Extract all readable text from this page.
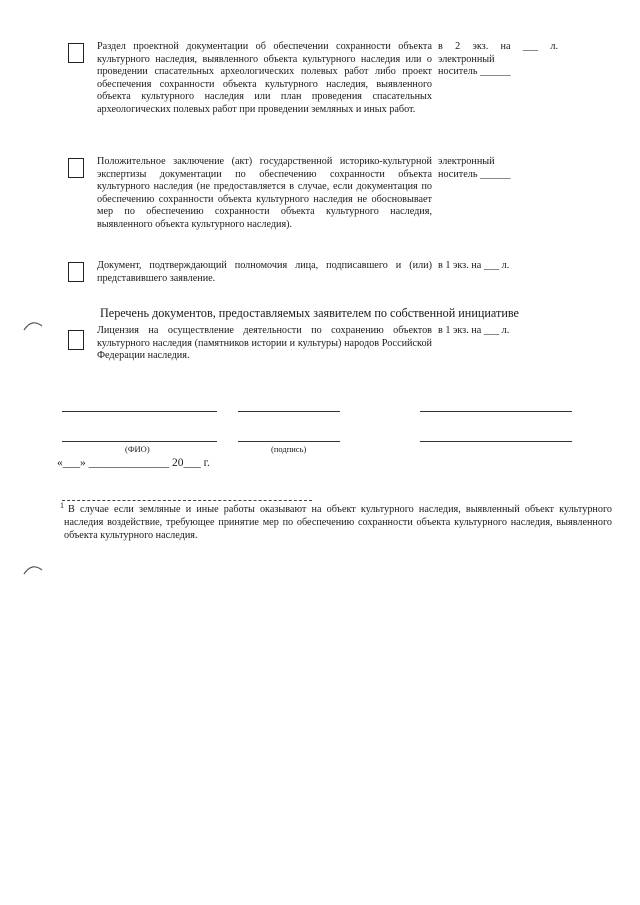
Раздел проектной документации об обеспечении сохранности объекта культурного наследия, выявленного объекта культурного наследия или о проведении спасательных археологических полевых работ либо проект обеспечения сохранности объекта культурного наследия, выявленного объекта культурного наследия или план проведения спасательных археологических полевых работ при проведении земляных и иных работ.
в 2 экз. на ___ л.
электронный
носитель ______
Положительное заключение (акт) государственной историко-культурной экспертизы документации по обеспечению сохранности объекта культурного наследия (не предоставляется в случае, если документация по обеспечению сохранности объекта культурного наследия не обосновывает мер по обеспечению сохранности объекта культурного наследия, выявленного объекта культурного наследия).
электронный
носитель ______
Документ, подтверждающий полномочия лица, подписавшего и (или) представившего заявление.
в 1 экз. на ___ л.
Перечень документов, предоставляемых заявителем по собственной инициативе
Лицензия на осуществление деятельности по сохранению объектов культурного наследия (памятников истории и культуры) народов Российской Федерации наследия.
в 1 экз. на ___ л.
(ФИО)	(подпись)
«___» ______________ 20___ г.
1 В случае если земляные и иные работы оказывают на объект культурного наследия, выявленный объект культурного наследия воздействие, требующее принятие мер по обеспечению сохранности объекта культурного наследия, выявленного объекта культурного наследия.
